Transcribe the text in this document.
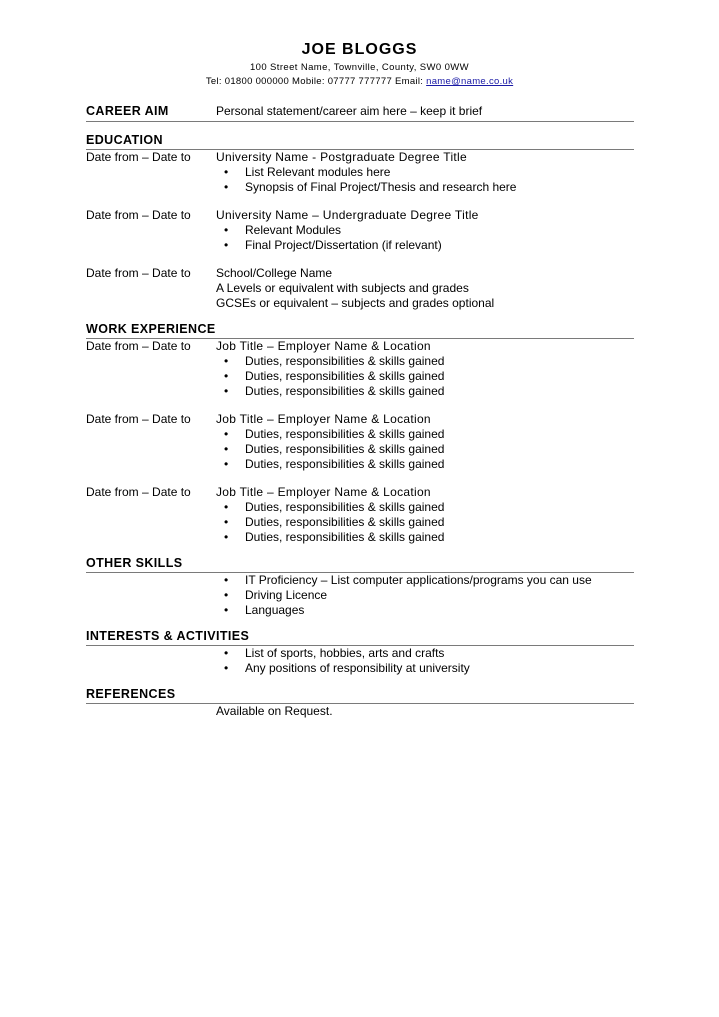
JOE BLOGGS
100 Street Name, Townville, County, SW0 0WW
Tel: 01800 000000 Mobile: 07777 777777 Email: name@name.co.uk
CAREER AIM	Personal statement/career aim here – keep it brief
EDUCATION
Date from – Date to	University Name - Postgraduate Degree Title
• List Relevant modules here
• Synopsis of Final Project/Thesis and research here
Date from – Date to	University Name – Undergraduate Degree Title
• Relevant Modules
• Final Project/Dissertation (if relevant)
Date from – Date to	School/College Name
A Levels or equivalent with subjects and grades
GCSEs or equivalent – subjects and grades optional
WORK EXPERIENCE
Date from – Date to	Job Title – Employer Name & Location
• Duties, responsibilities & skills gained
• Duties, responsibilities & skills gained
• Duties, responsibilities & skills gained
Date from – Date to	Job Title – Employer Name & Location
• Duties, responsibilities & skills gained
• Duties, responsibilities & skills gained
• Duties, responsibilities & skills gained
Date from – Date to	Job Title – Employer Name & Location
• Duties, responsibilities & skills gained
• Duties, responsibilities & skills gained
• Duties, responsibilities & skills gained
OTHER SKILLS
• IT Proficiency – List computer applications/programs you can use
• Driving Licence
• Languages
INTERESTS & ACTIVITIES
• List of sports, hobbies, arts and crafts
• Any positions of responsibility at university
REFERENCES
Available on Request.
